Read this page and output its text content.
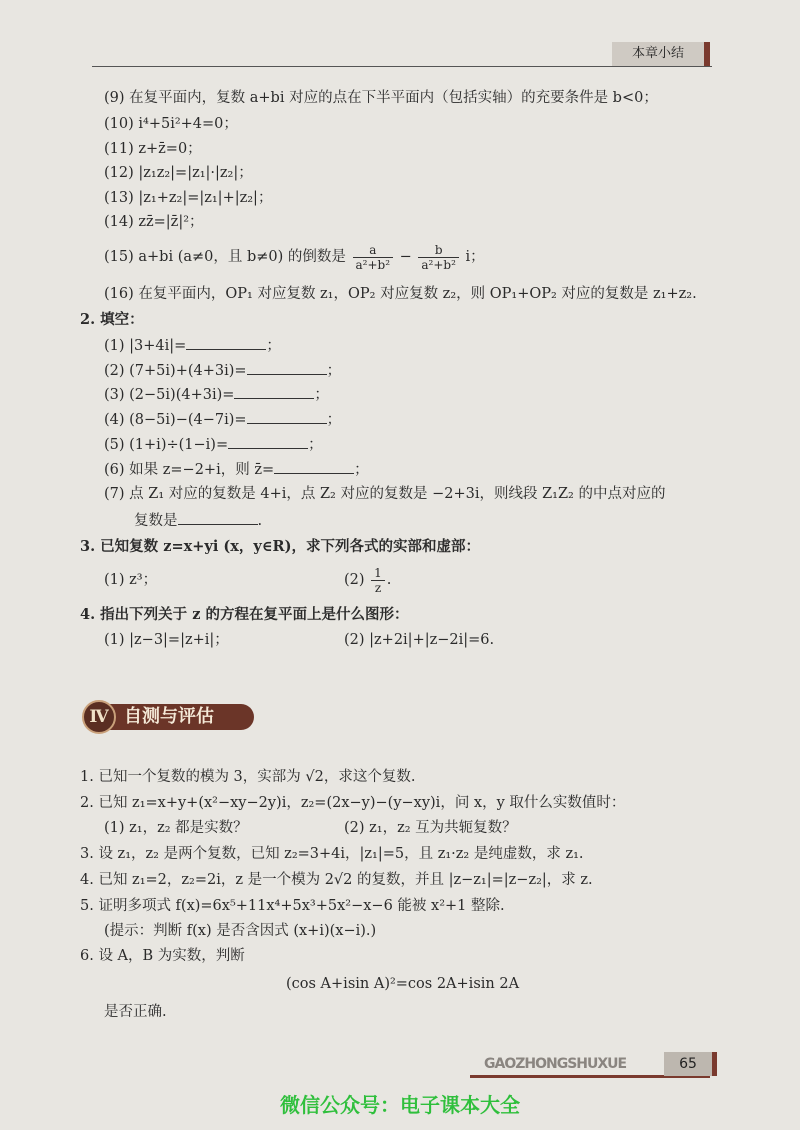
本章小结
(9) 在复平面内，复数 a+bi 对应的点在下半平面内（包括实轴）的充要条件是 b<0；
(10) i⁴+5i²+4=0；
(11) z+z̄=0；
(12) |z₁z₂|=|z₁|·|z₂|；
(13) |z₁+z₂|=|z₁|+|z₂|；
(14) zz̄=|z̄|²；
(15) a+bi (a≠0，且 b≠0) 的倒数是 $\frac{a}{\text{a²+b²}} - \frac{b}{\text{a²+b²}}$ i；
(16) 在复平面内，OP₁ 对应复数 z₁，OP₂ 对应复数 z₂，则 OP₁+OP₂ 对应的复数是 z₁+z₂.
2. 填空：
(1) |3+4i|=	；
(2) (7+5i)+(4+3i)=	；
(3) (2−5i)(4+3i)=	；
(4) (8−5i)−(4−7i)=	；
(5) (1+i)÷(1−i)=	；
(6) 如果 z=−2+i，则 z̄=	；
(7) 点 Z₁ 对应的复数是 4+i，点 Z₂ 对应的复数是 −2+3i，则线段 Z₁Z₂ 的中点对应的
复数是	.
3. 已知复数 z=x+yi (x，y∈R)，求下列各式的实部和虚部：
(1) z³；	$(2) \frac{1}{z}$ .
4. 指出下列关于 z 的方程在复平面上是什么图形：
(1) |z−3|=|z+i|；	(2) |z+2i|+|z−2i|=6.
自测与评估
Ⅳ
1. 已知一个复数的模为 3，实部为 √2，求这个复数.
2. 已知 z₁=x+y+(x²−xy−2y)i，z₂=(2x−y)−(y−xy)i，问 x，y 取什么实数值时：
(1) z₁，z₂ 都是实数？	(2) z₁，z₂ 互为共轭复数？
3. 设 z₁，z₂ 是两个复数，已知 z₂=3+4i，|z₁|=5，且 z₁·z₂ 是纯虚数，求 z₁.
4. 已知 z₁=2，z₂=2i，z 是一个模为 2√2 的复数，并且 |z−z₁|=|z−z₂|，求 z.
5. 证明多项式 f(x)=6x⁵+11x⁴+5x³+5x²−x−6 能被 x²+1 整除.
(提示：判断 f(x) 是否含因式 (x+i)(x−i).)
6. 设 A，B 为实数，判断
(cos A+isin A)²=cos 2A+isin 2A
是否正确.
GAOZHONGSHUXUE	65
微信公众号：电子课本大全
